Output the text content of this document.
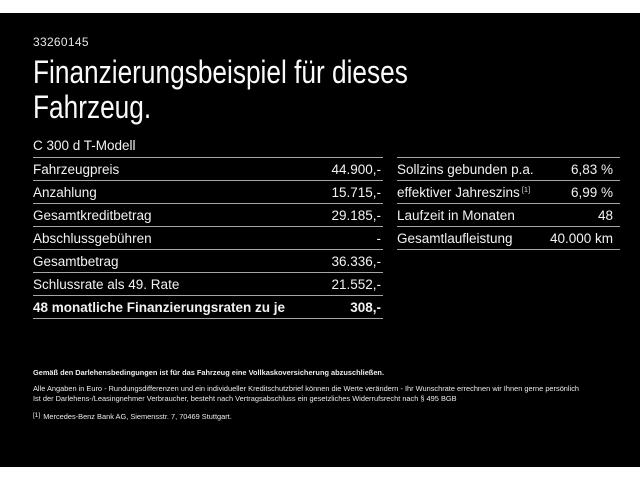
33260145
Finanzierungsbeispiel für dieses
Fahrzeug.
C 300 d T-Modell
Fahrzeugpreis	44.900,-
Anzahlung	15.715,-
Gesamtkreditbetrag	29.185,-
Abschlussgebühren	-
Gesamtbetrag	36.336,-
Schlussrate als 49. Rate	21.552,-
48 monatliche Finanzierungsraten zu je	308,-
Sollzins gebunden p.a.	6,83 %
effektiver Jahreszins [1]	6,99 %
Laufzeit in Monaten	48
Gesamtlaufleistung	40.000 km
Gemäß den Darlehensbedingungen ist für das Fahrzeug eine Vollkaskoversicherung abzuschließen.
Alle Angaben in Euro - Rundungsdifferenzen und ein individueller Kreditschutzbrief können die Werte verändern - Ihr Wunschrate errechnen wir Ihnen gerne persönlich
Ist der Darlehens-/Leasingnehmer Verbraucher, besteht nach Vertragsabschluss ein gesetzliches Widerrufsrecht nach § 495 BGB
[1] Mercedes-Benz Bank AG, Siemensstr. 7, 70469 Stuttgart.
